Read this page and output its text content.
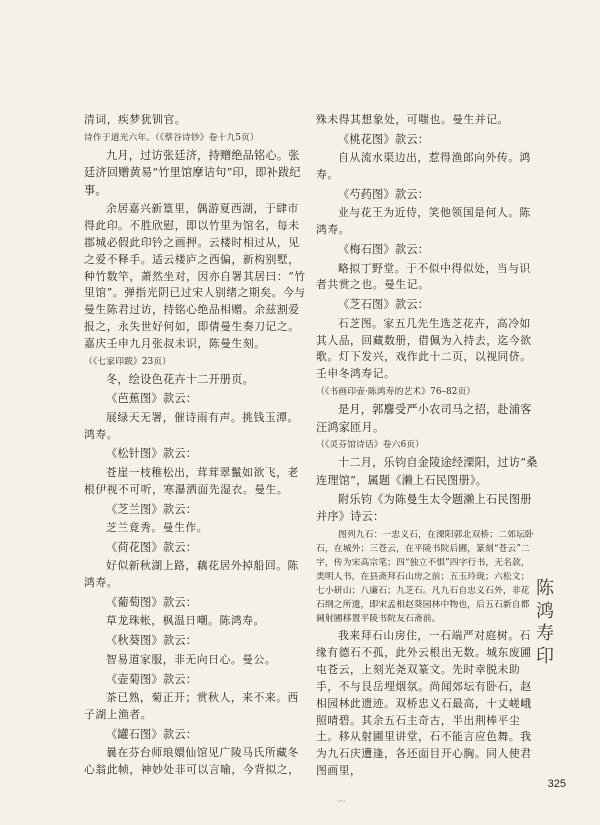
清词，疾梦犹钏官。

诗作于道光六年。（《蔡谷诗钞》卷十九5页）

九月，过访张廷济，持赠绝品铭心。张廷济回赠黄易“竹里馆摩诘句”印，即补跋纪事。

余居嘉兴新篁里，偶游夏西湖，于肆市得此印。不胜欣慰，即以竹里为馆名，每未郡城必假此印钤之画押。云楼时相过从，见之爱不释手。适云楼庐之西偏，新构别墅，种竹数竿，萧然坐对，因亦自署其居曰：“竹里馆”。弹指光阴已过宋人别绪之期矣。今与曼生陈君过访，持铭心绝品相赠。余兹割爱报之，永失世好何如，即倩曼生奏刀记之。嘉庆壬申九月张叔未识，陈曼生刻。

（《七家印跋》23页）

冬，绘设色花卉十二开册页。

《芭蕉图》款云：

展绿天无署，催诗雨有声。挑钱玉潭。鸿寿。

《松针图》款云：

苍崖一枝稚松出，茸茸翠鬣如欲飞，老根伊视不可听，寒瀑洒面先湿衣。曼生。

《芝兰图》款云：

芝兰竟秀。曼生作。

《荷花图》款云：

好似新秋湖上路，藕花居外掉船回。陈鸿寿。

《葡萄图》款云：

草龙珠帐，枫温日嘲。陈鸿寿。

《秋葵图》款云：

智易道家服，非无向日心。曼公。

《壶菊图》款云：

茶已熟，菊正开；赏秋人，来不来。西子湖上渔者。

《罐石图》款云：

曩在芬台师琅嬛仙馆见广陵马氏所藏冬心翁此帧，神妙处非可以言喻，今背拟之，

殊未得其想象处，可嗤也。曼生并记。

《桃花图》款云：

自从流水渠边出，惹得渔郎向外传。鸿寿。

《芍药图》款云：

业与花王为近侍，笑他领国是何人。陈鸿寿。

《梅石图》款云：

略拟丁野堂。于不似中得似处，当与识者共赏之也。曼生记。

《芝石图》款云：

石芝图。家五几先生选芝花卉，高冷如其人品，回藏数册，借佩为入持去，迄今欲歌。灯下发兴，戏作此十二页，以视同侪。壬申冬鸿寿记。

（《书画印壶·陈鸿寿的艺术》76–82页）

是月，郭麐受严小农司马之招，赴浦客汪鸿家匝月。

（《灵芬馆诗话》卷六6页）

十二月，乐钧自金陵途经溧阳，过访“桑连理馆”，属题《濑上石民图册》。

附乐钧《为陈曼生太令题濑上石民图册并序》诗云：

图列九石：一忠义石，在溧阳郭北双桥；二郊坛卧石，在城外；三苍云，在平陵书院后圃，篆刻“苍云”二字，传为宋高宗笔；四“独立不惧”四字行书，无名款，类明人书，在县斋拜石山房之前；五玉玲珑；六松文；七小研山；八廉石；九芝石。凡九石自忠义石外，非花石纲之所遗，即宋孟相赵葵园林中物也，后五石新自都阃射圃移置平陵书院友石斋前。

我来拜石山房住，一石端严对庭树。石缘有德石不孤，此外云根出无数。城东废圃屯苍云，上刻光尧双篆文。先时幸脱未助手，不与艮岳埋烟氛。尚闻郊坛有卧石，赵相园林此遗迹。双桥忠义石最高，十丈嵯峨照晴碧。其余五石主奇古，半出荆棒平尘土。移从射圃里讲堂，石不能言应色舞。我为九石庆遭逢，各还面目开心胸。同人使君图画里，

陈
鸿
寿
印
325
〰
